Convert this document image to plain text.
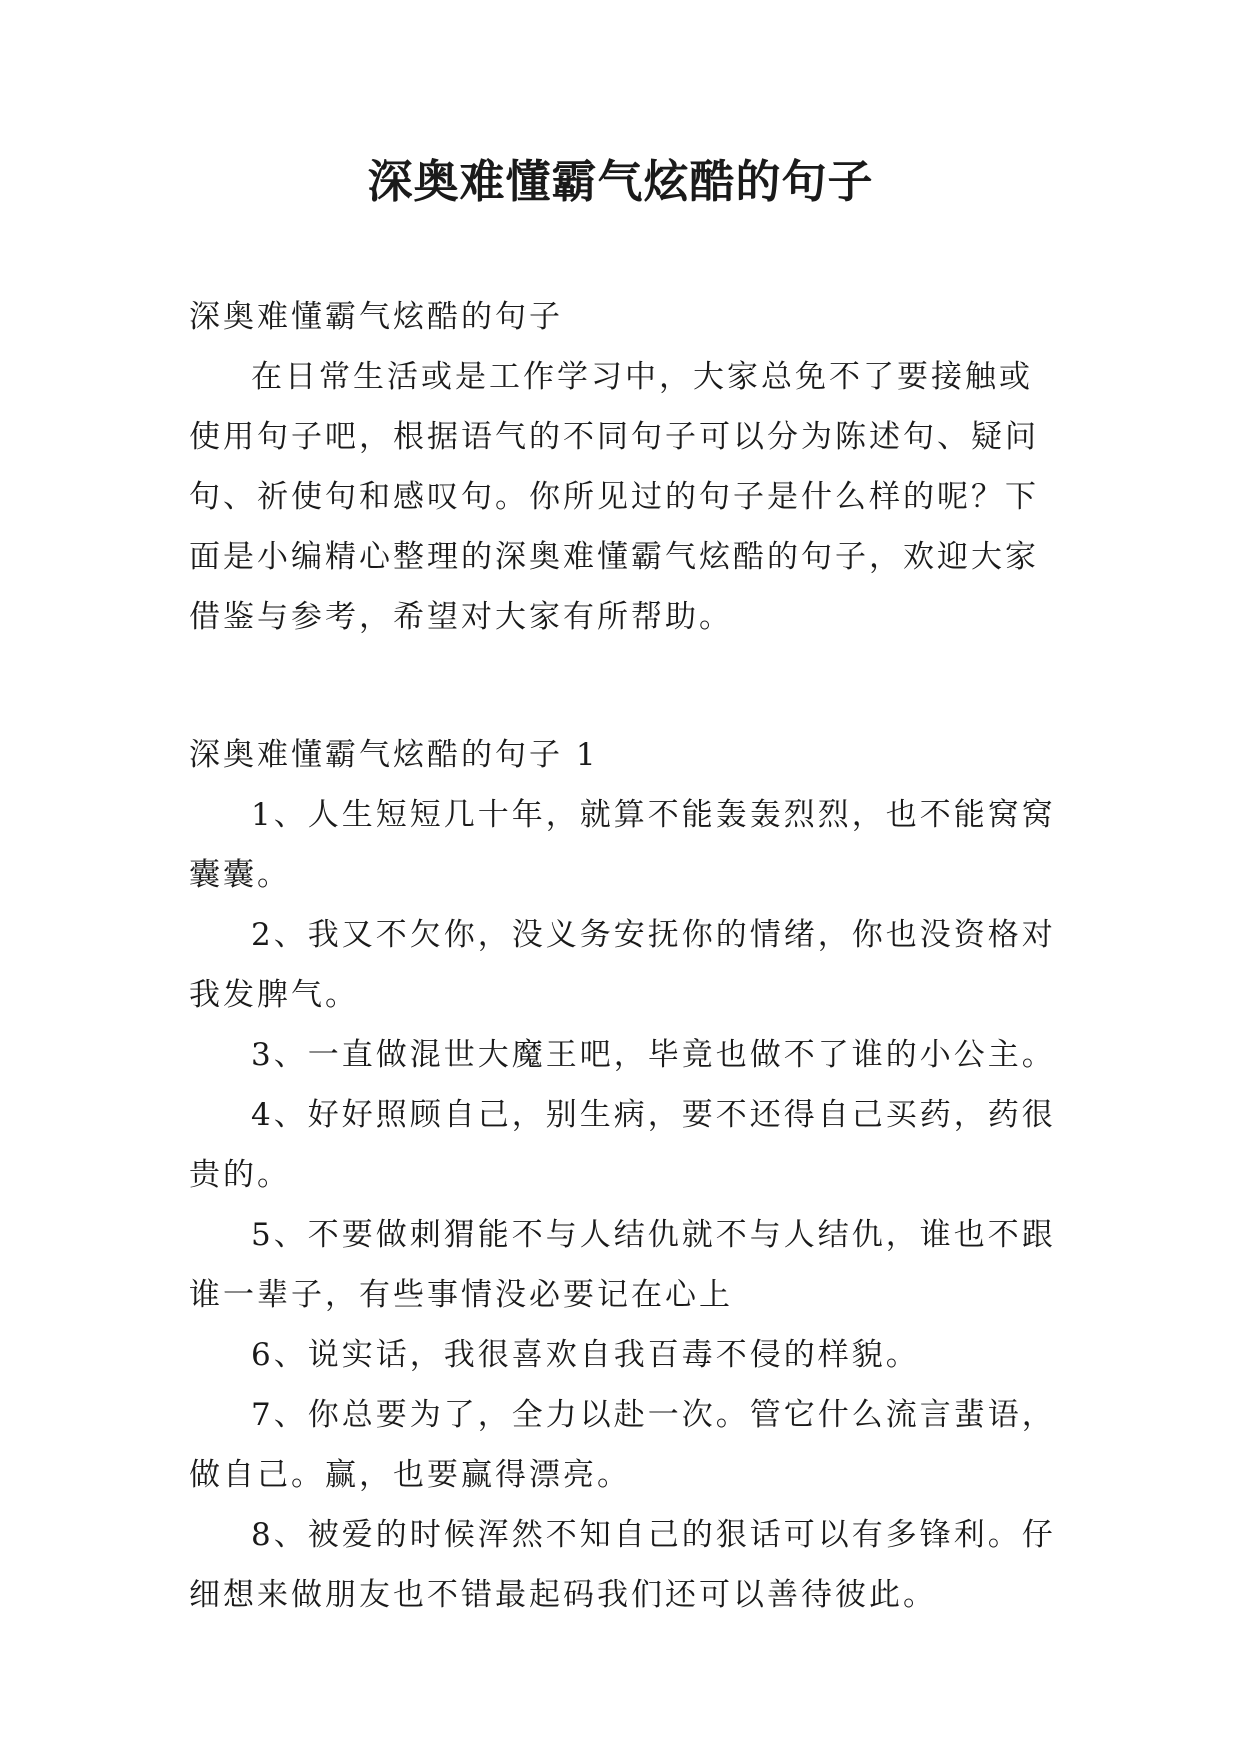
深奥难懂霸气炫酷的句子

深奥难懂霸气炫酷的句子

在日常生活或是工作学习中，大家总免不了要接触或使用句子吧，根据语气的不同句子可以分为陈述句、疑问句、祈使句和感叹句。你所见过的句子是什么样的呢？下面是小编精心整理的深奥难懂霸气炫酷的句子，欢迎大家借鉴与参考，希望对大家有所帮助。

深奥难懂霸气炫酷的句子 1

1、人生短短几十年，就算不能轰轰烈烈，也不能窝窝囊囊。

2、我又不欠你，没义务安抚你的情绪，你也没资格对我发脾气。

3、一直做混世大魔王吧，毕竟也做不了谁的小公主。

4、好好照顾自己，别生病，要不还得自己买药，药很贵的。

5、不要做刺猬能不与人结仇就不与人结仇，谁也不跟谁一辈子，有些事情没必要记在心上

6、说实话，我很喜欢自我百毒不侵的样貌。

7、你总要为了，全力以赴一次。管它什么流言蜚语，做自己。赢，也要赢得漂亮。

8、被爱的时候浑然不知自己的狠话可以有多锋利。仔细想来做朋友也不错最起码我们还可以善待彼此。
